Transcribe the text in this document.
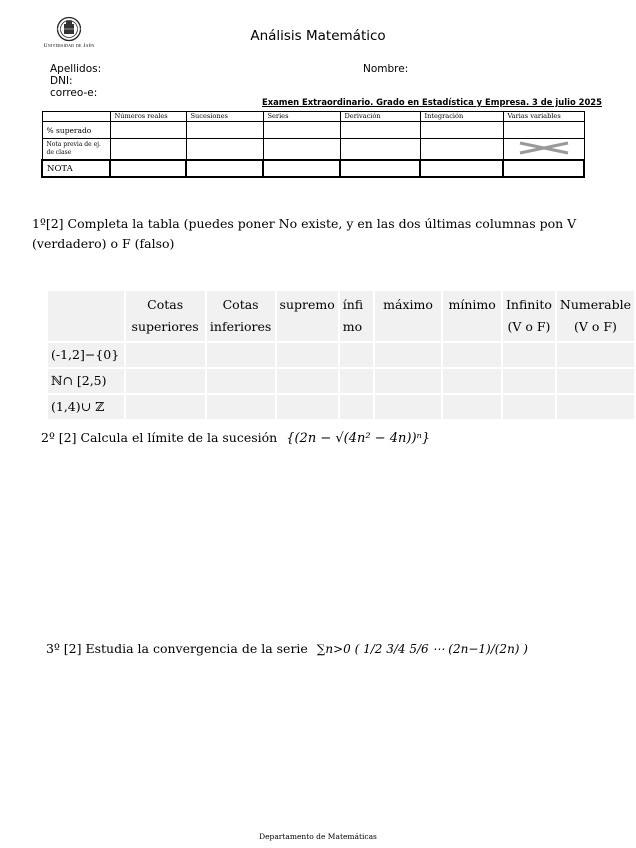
Universidad de Jaén
Análisis Matemático
Apellidos:
DNI:
correo-e:
Nombre:
Examen Extraordinario. Grado en Estadística y Empresa. 3 de julio 2025
	Números reales	Sucesiones	Series	Derivación	Integración	Varias variables
% superado						
Nota previa de ej. de clase						
NOTA						
1º[2] Completa la tabla (puedes poner No existe, y en las dos últimas columnas pon V (verdadero) o F (falso)
	Cotas superiores	Cotas inferiores	supremo	ínfi mo	máximo	mínimo	Infinito (V o F)	Numerable (V o F)
(-1,2]−{0}								
ℕ∩ [2,5)								
(1,4)∪ ℤ								
2º [2] Calcula el límite de la sucesión {(2n − √(4n² − 4n))ⁿ}
3º [2] Estudia la convergencia de la serie ∑n>0 ( 1/2 3/4 5/6 ⋯ (2n−1)/(2n) )
Departamento de Matemáticas
